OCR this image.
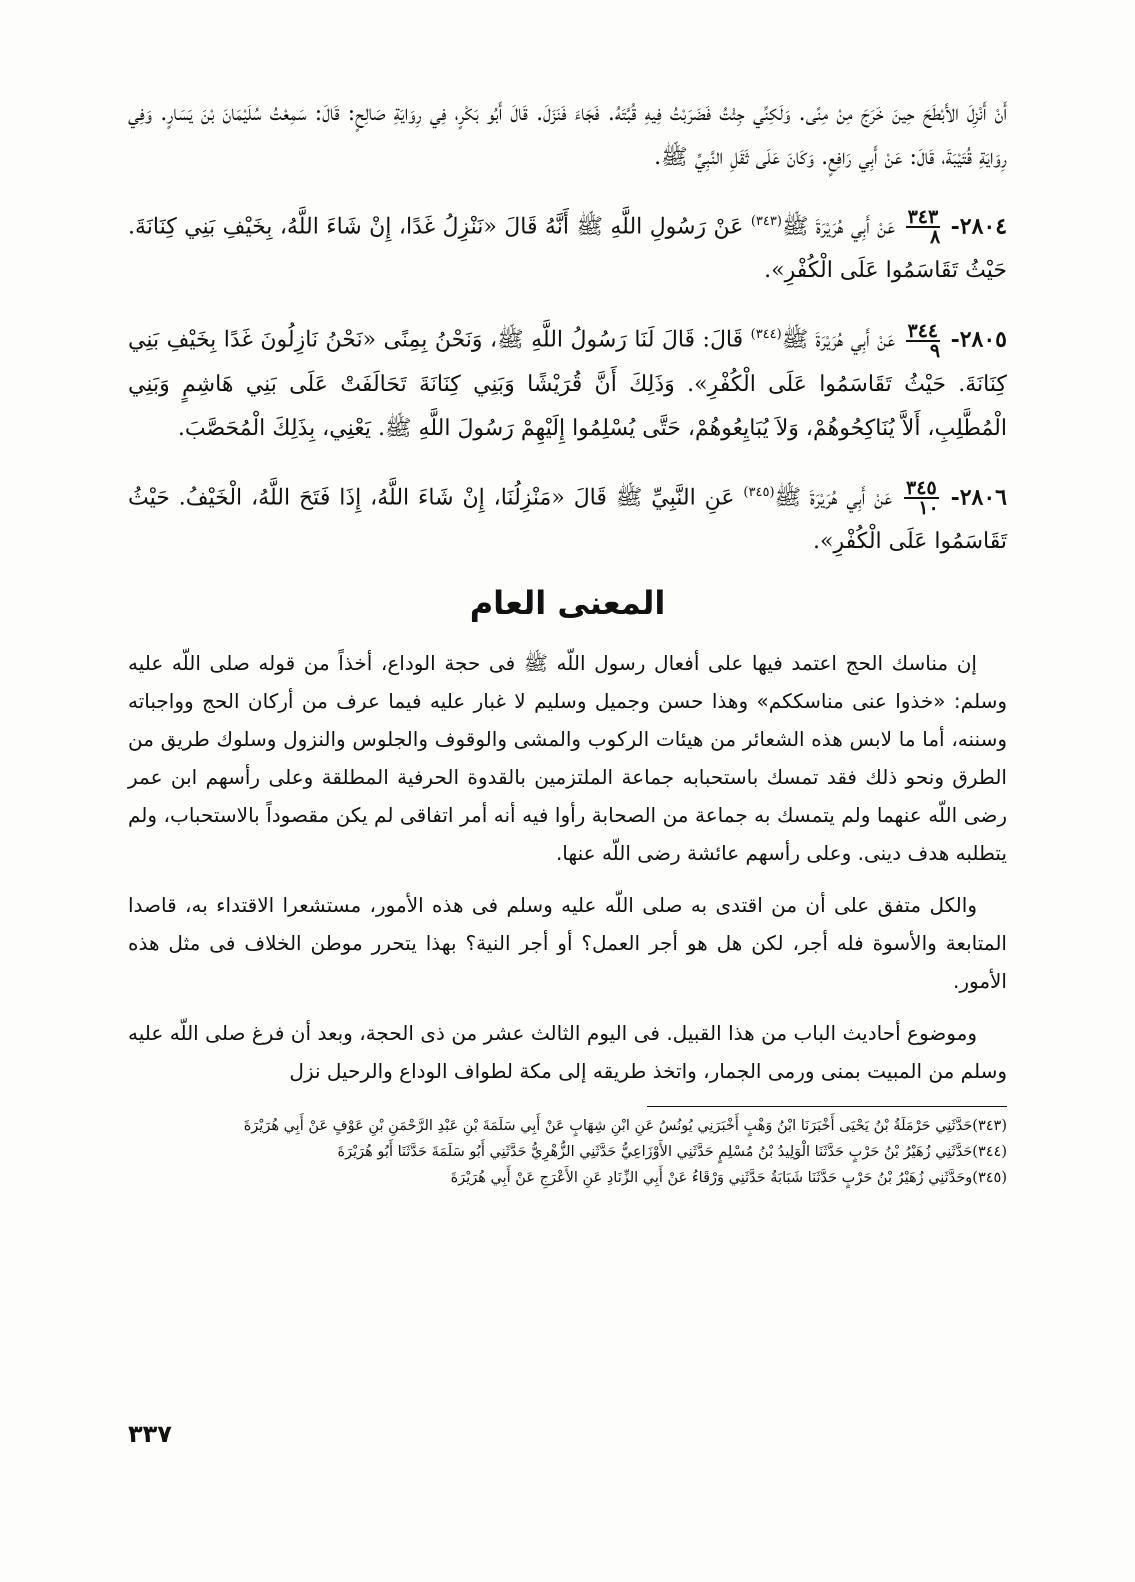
أَنْ أَنْزِلَ الأَبْطَحَ حِينَ خَرَجَ مِنْ مِنًى. وَلَكِنِّي جِئْتُ فَضَرَبْتُ فِيهِ قُبَّتَهُ. فَجَاءَ فَنَزَلَ. قَالَ أَبُو بَكْرٍ، فِي رِوَايَةِ صَالِحٍ: قَالَ: سَمِعْتُ سُلَيْمَانَ بْنَ يَسَارٍ. وَفِي رِوَايَةِ قُتَيْبَةَ، قَالَ: عَنْ أَبِي رَافِعٍ. وَكَانَ عَلَى ثَقَلِ النَّبِيِّ ﷺ.

٢٨٠٤-
$\frac{٣٤٣}{٨}$
عَنْ أَبِي هُرَيْرَةَ ﷺ$^{(٣٤٣)}$ عَنْ رَسُولِ اللَّهِ ﷺ أَنَّهُ قَالَ «نَنْزِلُ غَدًا، إِنْ شَاءَ اللَّهُ، بِخَيْفِ بَنِي كِنَانَةَ. حَيْثُ تَقَاسَمُوا عَلَى الْكُفْرِ».

٢٨٠٥-
$\frac{٣٤٤}{٩}$
عَنْ أَبِي هُرَيْرَةَ ﷺ$^{(٣٤٤)}$ قَالَ: قَالَ لَنَا رَسُولُ اللَّهِ ﷺ، وَنَحْنُ بِمِنًى «نَحْنُ نَازِلُونَ غَدًا بِخَيْفِ بَنِي كِنَانَةَ. حَيْثُ تَقَاسَمُوا عَلَى الْكُفْرِ». وَذَلِكَ أَنَّ قُرَيْشًا وَبَنِي كِنَانَةَ تَحَالَفَتْ عَلَى بَنِي هَاشِمٍ وَبَنِي الْمُطَّلِبِ، أَلاَّ يُنَاكِحُوهُمْ، وَلاَ يُبَايِعُوهُمْ، حَتَّى يُسْلِمُوا إِلَيْهِمْ رَسُولَ اللَّهِ ﷺ. يَعْنِي، بِذَلِكَ الْمُحَصَّبَ.

٢٨٠٦-
$\frac{٣٤٥}{١٠}$
عَنْ أَبِي هُرَيْرَةَ ﷺ$^{(٣٤٥)}$ عَنِ النَّبِيِّ ﷺ قَالَ «مَنْزِلُنَا، إِنْ شَاءَ اللَّهُ، إِذَا فَتَحَ اللَّهُ، الْخَيْفُ. حَيْثُ تَقَاسَمُوا عَلَى الْكُفْرِ».

المعنى العام

إن مناسك الحج اعتمد فيها على أفعال رسول اللّه ﷺ فى حجة الوداع، أخذاً من قوله صلى اللّه عليه وسلم: «خذوا عنى مناسككم» وهذا حسن وجميل وسليم لا غبار عليه فيما عرف من أركان الحج وواجباته وسننه، أما ما لابس هذه الشعائر من هيئات الركوب والمشى والوقوف والجلوس والنزول وسلوك طريق من الطرق ونحو ذلك فقد تمسك باستحبابه جماعة الملتزمين بالقدوة الحرفية المطلقة وعلى رأسهم ابن عمر رضى اللّه عنهما ولم يتمسك به جماعة من الصحابة رأوا فيه أنه أمر اتفاقى لم يكن مقصوداً بالاستحباب، ولم يتطلبه هدف دينى. وعلى رأسهم عائشة رضى اللّه عنها.

والكل متفق على أن من اقتدى به صلى اللّه عليه وسلم فى هذه الأمور، مستشعرا الاقتداء به، قاصدا المتابعة والأسوة فله أجر، لكن هل هو أجر العمل؟ أو أجر النية؟ بهذا يتحرر موطن الخلاف فى مثل هذه الأمور.

وموضوع أحاديث الباب من هذا القبيل. فى اليوم الثالث عشر من ذى الحجة، وبعد أن فرغ صلى اللّه عليه وسلم من المبيت بمنى ورمى الجمار، واتخذ طريقه إلى مكة لطواف الوداع والرحيل نزل

(٣٤٣)حَدَّثَنِي حَرْمَلَةُ بْنُ يَحْيَى أَخْبَرَنَا ابْنُ وَهْبٍ أَخْبَرَنِي يُونُسُ عَنِ ابْنِ شِهَابٍ عَنْ أَبِي سَلَمَةَ بْنِ عَبْدِ الرَّحْمَنِ بْنِ عَوْفٍ عَنْ أَبِي هُرَيْرَةَ

(٣٤٤)حَدَّثَنِي زُهَيْرُ بْنُ حَرْبٍ حَدَّثَنَا الْوَلِيدُ بْنُ مُسْلِمٍ حَدَّثَنِي الأَوْزَاعِيُّ حَدَّثَنِي الزُّهْرِيُّ حَدَّثَنِي أَبُو سَلَمَةَ حَدَّثَنَا أَبُو هُرَيْرَةَ

(٣٤٥)وحَدَّثَنِي زُهَيْرُ بْنُ حَرْبٍ حَدَّثَنَا شَبَابَةُ حَدَّثَنِي وَرْقَاءُ عَنْ أَبِي الزِّنَادِ عَنِ الأَعْرَجِ عَنْ أَبِي هُرَيْرَةَ

٣٣٧
